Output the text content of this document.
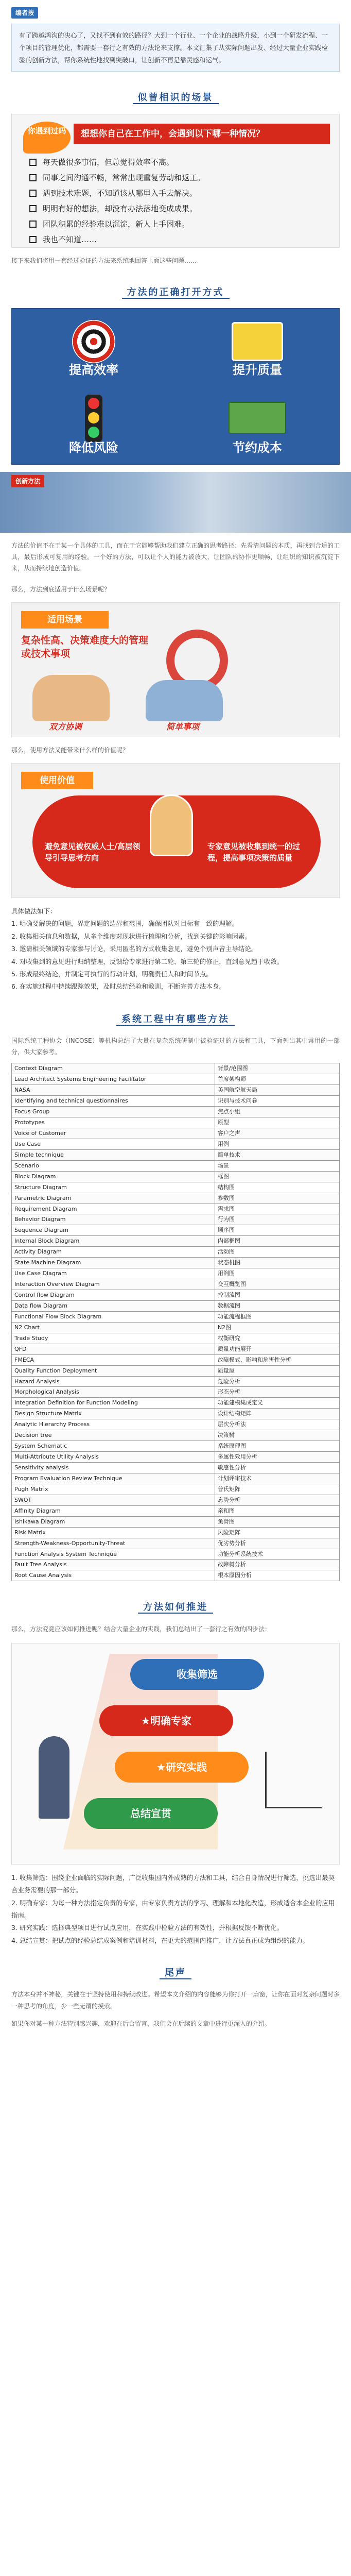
编者按
有了跨越鸿沟的决心了，又找不到有效的路径？大到一个行业、一个企业的战略升级，小到一个研发流程、一个项目的管理优化，都需要一套行之有效的方法论来支撑。本文汇集了从实际问题出发、经过大量企业实践检验的创新方法，帮你系统性地找到突破口，让创新不再是靠灵感和运气。
似曾相识的场景
你遇到过吗	想想你自己在工作中，会遇到以下哪一种情况？
每天做很多事情，但总觉得效率不高。
同事之间沟通不畅，常常出现重复劳动和返工。
遇到技术难题，不知道该从哪里入手去解决。
明明有好的想法，却没有办法落地变成成果。
团队积累的经验难以沉淀，新人上手困难。
我也不知道……

接下来我们将用一套经过验证的方法来系统地回答上面这些问题……

方法的正确打开方式
提高效率	提升质量
降低风险	节约成本
创新方法

方法的价值不在于某一个具体的工具，而在于它能够帮助我们建立正确的思考路径：先看清问题的本质，再找到合适的工具，最后形成可复用的经验。一个好的方法，可以让个人的能力被放大，让团队的协作更顺畅，让组织的知识被沉淀下来，从而持续地创造价值。

那么，方法到底适用于什么场景呢？

适用场景
复杂性高、决策难度大的管理或技术事项
双方协调	简单事项

那么，使用方法又能带来什么样的价值呢？

使用价值
避免意见被权威人士/高层领导引导思考方向
专家意见被收集到统一的过程，提高事项决策的质量
具体做法如下：
1. 明确要解决的问题，界定问题的边界和范围，确保团队对目标有一致的理解。
2. 收集相关信息和数据，从多个维度对现状进行梳理和分析，找到关键的影响因素。
3. 邀请相关领域的专家参与讨论，采用匿名的方式收集意见，避免个别声音主导结论。
4. 对收集到的意见进行归纳整理，反馈给专家进行第二轮、第三轮的修正，直到意见趋于收敛。
5. 形成最终结论，并制定可执行的行动计划，明确责任人和时间节点。
6. 在实施过程中持续跟踪效果，及时总结经验和教训，不断完善方法本身。
系统工程中有哪些方法

国际系统工程协会（INCOSE）等机构总结了大量在复杂系统研制中被验证过的方法和工具，下面列出其中常用的一部分，供大家参考。

Context Diagram	背景/范围图
Lead Architect Systems Engineering Facilitator	首席架构师
NASA	美国航空航天局
Identifying and technical questionnaires	识别与技术问卷
Focus Group	焦点小组
Prototypes	原型
Voice of Customer	客户之声
Use Case	用例
Simple technique	简单技术
Scenario	场景
Block Diagram	框图
Structure Diagram	结构图
Parametric Diagram	参数图
Requirement Diagram	需求图
Behavior Diagram	行为图
Sequence Diagram	顺序图
Internal Block Diagram	内部框图
Activity Diagram	活动图
State Machine Diagram	状态机图
Use Case Diagram	用例图
Interaction Overview Diagram	交互概览图
Control flow Diagram	控制流图
Data flow Diagram	数据流图
Functional Flow Block Diagram	功能流程框图
N2 Chart	N2图
Trade Study	权衡研究
QFD	质量功能展开
FMECA	故障模式、影响和危害性分析
Quality Function Deployment	质量屋
Hazard Analysis	危险分析
Morphological Analysis	形态分析
Integration Definition for Function Modeling	功能建模集成定义
Design Structure Matrix	设计结构矩阵
Analytic Hierarchy Process	层次分析法
Decision tree	决策树
System Schematic	系统原理图
Multi-Attribute Utility Analysis	多属性效用分析
Sensitivity analysis	敏感性分析
Program Evaluation Review Technique	计划评审技术
Pugh Matrix	普氏矩阵
SWOT	态势分析
Affinity Diagram	亲和图
Ishikawa Diagram	鱼骨图
Risk Matrix	风险矩阵
Strength-Weakness-Opportunity-Threat	优劣势分析
Function Analysis System Technique	功能分析系统技术
Fault Tree Analysis	故障树分析
Root Cause Analysis	根本原因分析
方法如何推进

那么，方法究竟应该如何推进呢？结合大量企业的实践，我们总结出了一套行之有效的四步法：

收集筛选
★明确专家
★研究实践
总结宣贯
1. 收集筛选：围绕企业面临的实际问题，广泛收集国内外成熟的方法和工具，结合自身情况进行筛选，挑选出最契合业务需要的那一部分。
2. 明确专家：为每一种方法指定负责的专家，由专家负责方法的学习、理解和本地化改造，形成适合本企业的应用指南。
3. 研究实践：选择典型项目进行试点应用，在实践中检验方法的有效性，并根据反馈不断优化。
4. 总结宣贯：把试点的经验总结成案例和培训材料，在更大的范围内推广，让方法真正成为组织的能力。
尾声

方法本身并不神秘，关键在于坚持使用和持续改进。希望本文介绍的内容能够为你打开一扇窗，让你在面对复杂问题时多一种思考的角度，少一些无谓的摸索。

如果你对某一种方法特别感兴趣，欢迎在后台留言，我们会在后续的文章中进行更深入的介绍。
